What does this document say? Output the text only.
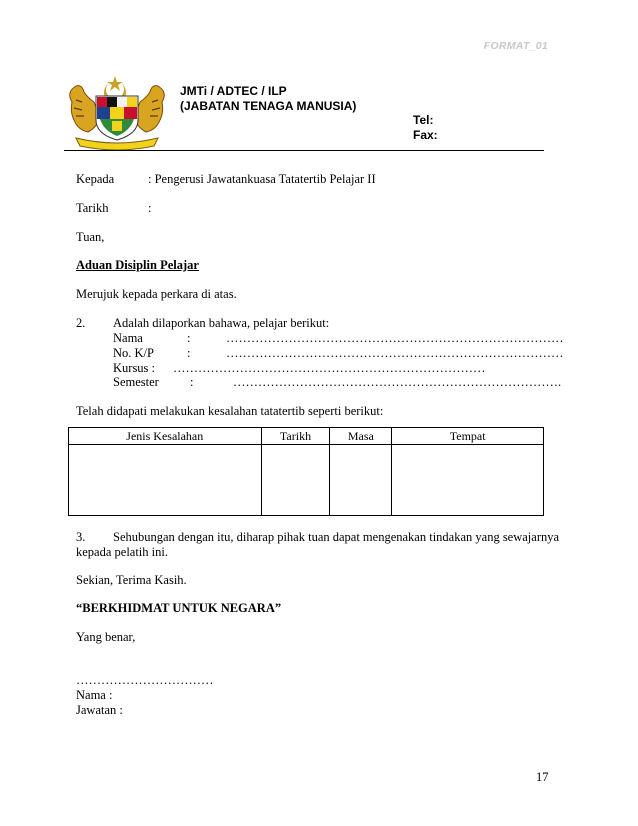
FORMAT_01
JMTi / ADTEC / ILP
(JABATAN TENAGA MANUSIA)
Tel:
Fax:
Kepada	: Pengerusi Jawatankuasa Tatatertib Pelajar II
Tarikh	:
Tuan,
Aduan Disiplin Pelajar
Merujuk kepada perkara di atas.
2. Adalah dilaporkan bahawa, pelajar berikut:
Nama	:	………………………………………………………………………
No. K/P	:	………………………………………………………………………
Kursus : …………………………………………………………………
Semester :	…………………………………………………………………….
Telah didapati melakukan kesalahan tatatertib seperti berikut:
Jenis Kesalahan	Tarikh	Masa	Tempat

3. Sehubungan dengan itu, diharap pihak tuan dapat mengenakan tindakan yang sewajarnya
kepada pelatih ini.
Sekian, Terima Kasih.
“BERKHIDMAT UNTUK NEGARA”
Yang benar,
……………………………
Nama :
Jawatan :
17
